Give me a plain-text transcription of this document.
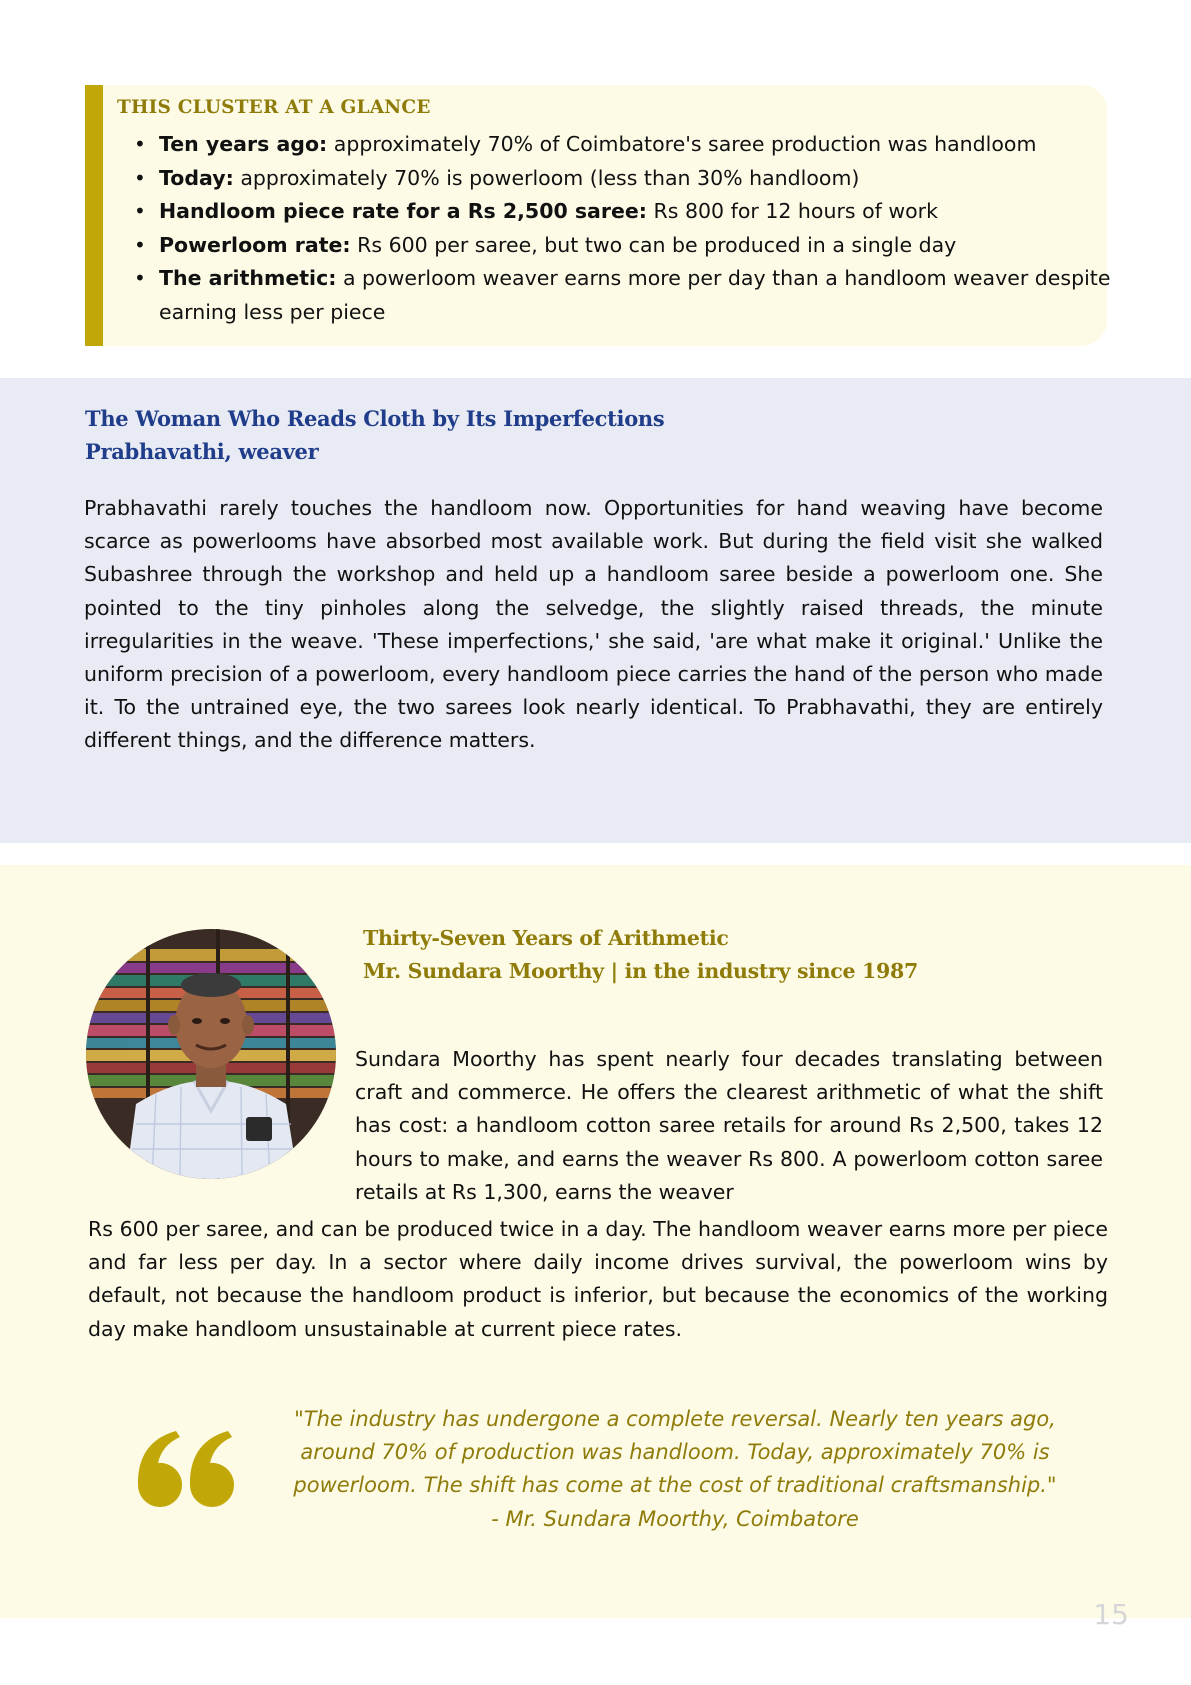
THIS CLUSTER AT A GLANCE
• Ten years ago: approximately 70% of Coimbatore's saree production was handloom
• Today: approximately 70% is powerloom (less than 30% handloom)
• Handloom piece rate for a Rs 2,500 saree: Rs 800 for 12 hours of work
• Powerloom rate: Rs 600 per saree, but two can be produced in a single day
• The arithmetic: a powerloom weaver earns more per day than a handloom weaver despite earning less per piece
The Woman Who Reads Cloth by Its Imperfections
Prabhavathi, weaver

Prabhavathi rarely touches the handloom now. Opportunities for hand weaving have become scarce as powerlooms have absorbed most available work. But during the field visit she walked Subashree through the workshop and held up a handloom saree beside a powerloom one. She pointed to the tiny pinholes along the selvedge, the slightly raised threads, the minute irregularities in the weave. 'These imperfections,' she said, 'are what make it original.' Unlike the uniform precision of a powerloom, every handloom piece carries the hand of the person who made it. To the untrained eye, the two sarees look nearly identical. To Prabhavathi, they are entirely different things, and the difference matters.

Thirty-Seven Years of Arithmetic
Mr. Sundara Moorthy | in the industry since 1987

Sundara Moorthy has spent nearly four decades translating between craft and commerce. He offers the clearest arithmetic of what the shift has cost: a handloom cotton saree retails for around Rs 2,500, takes 12 hours to make, and earns the weaver Rs 800. A powerloom cotton saree retails at Rs 1,300, earns the weaver

Rs 600 per saree, and can be produced twice in a day. The handloom weaver earns more per piece and far less per day. In a sector where daily income drives survival, the powerloom wins by default, not because the handloom product is inferior, but because the economics of the working day make handloom unsustainable at current piece rates.

"The industry has undergone a complete reversal. Nearly ten years ago, around 70% of production was handloom. Today, approximately 70% is powerloom. The shift has come at the cost of traditional craftsmanship."
- Mr. Sundara Moorthy, Coimbatore
15
